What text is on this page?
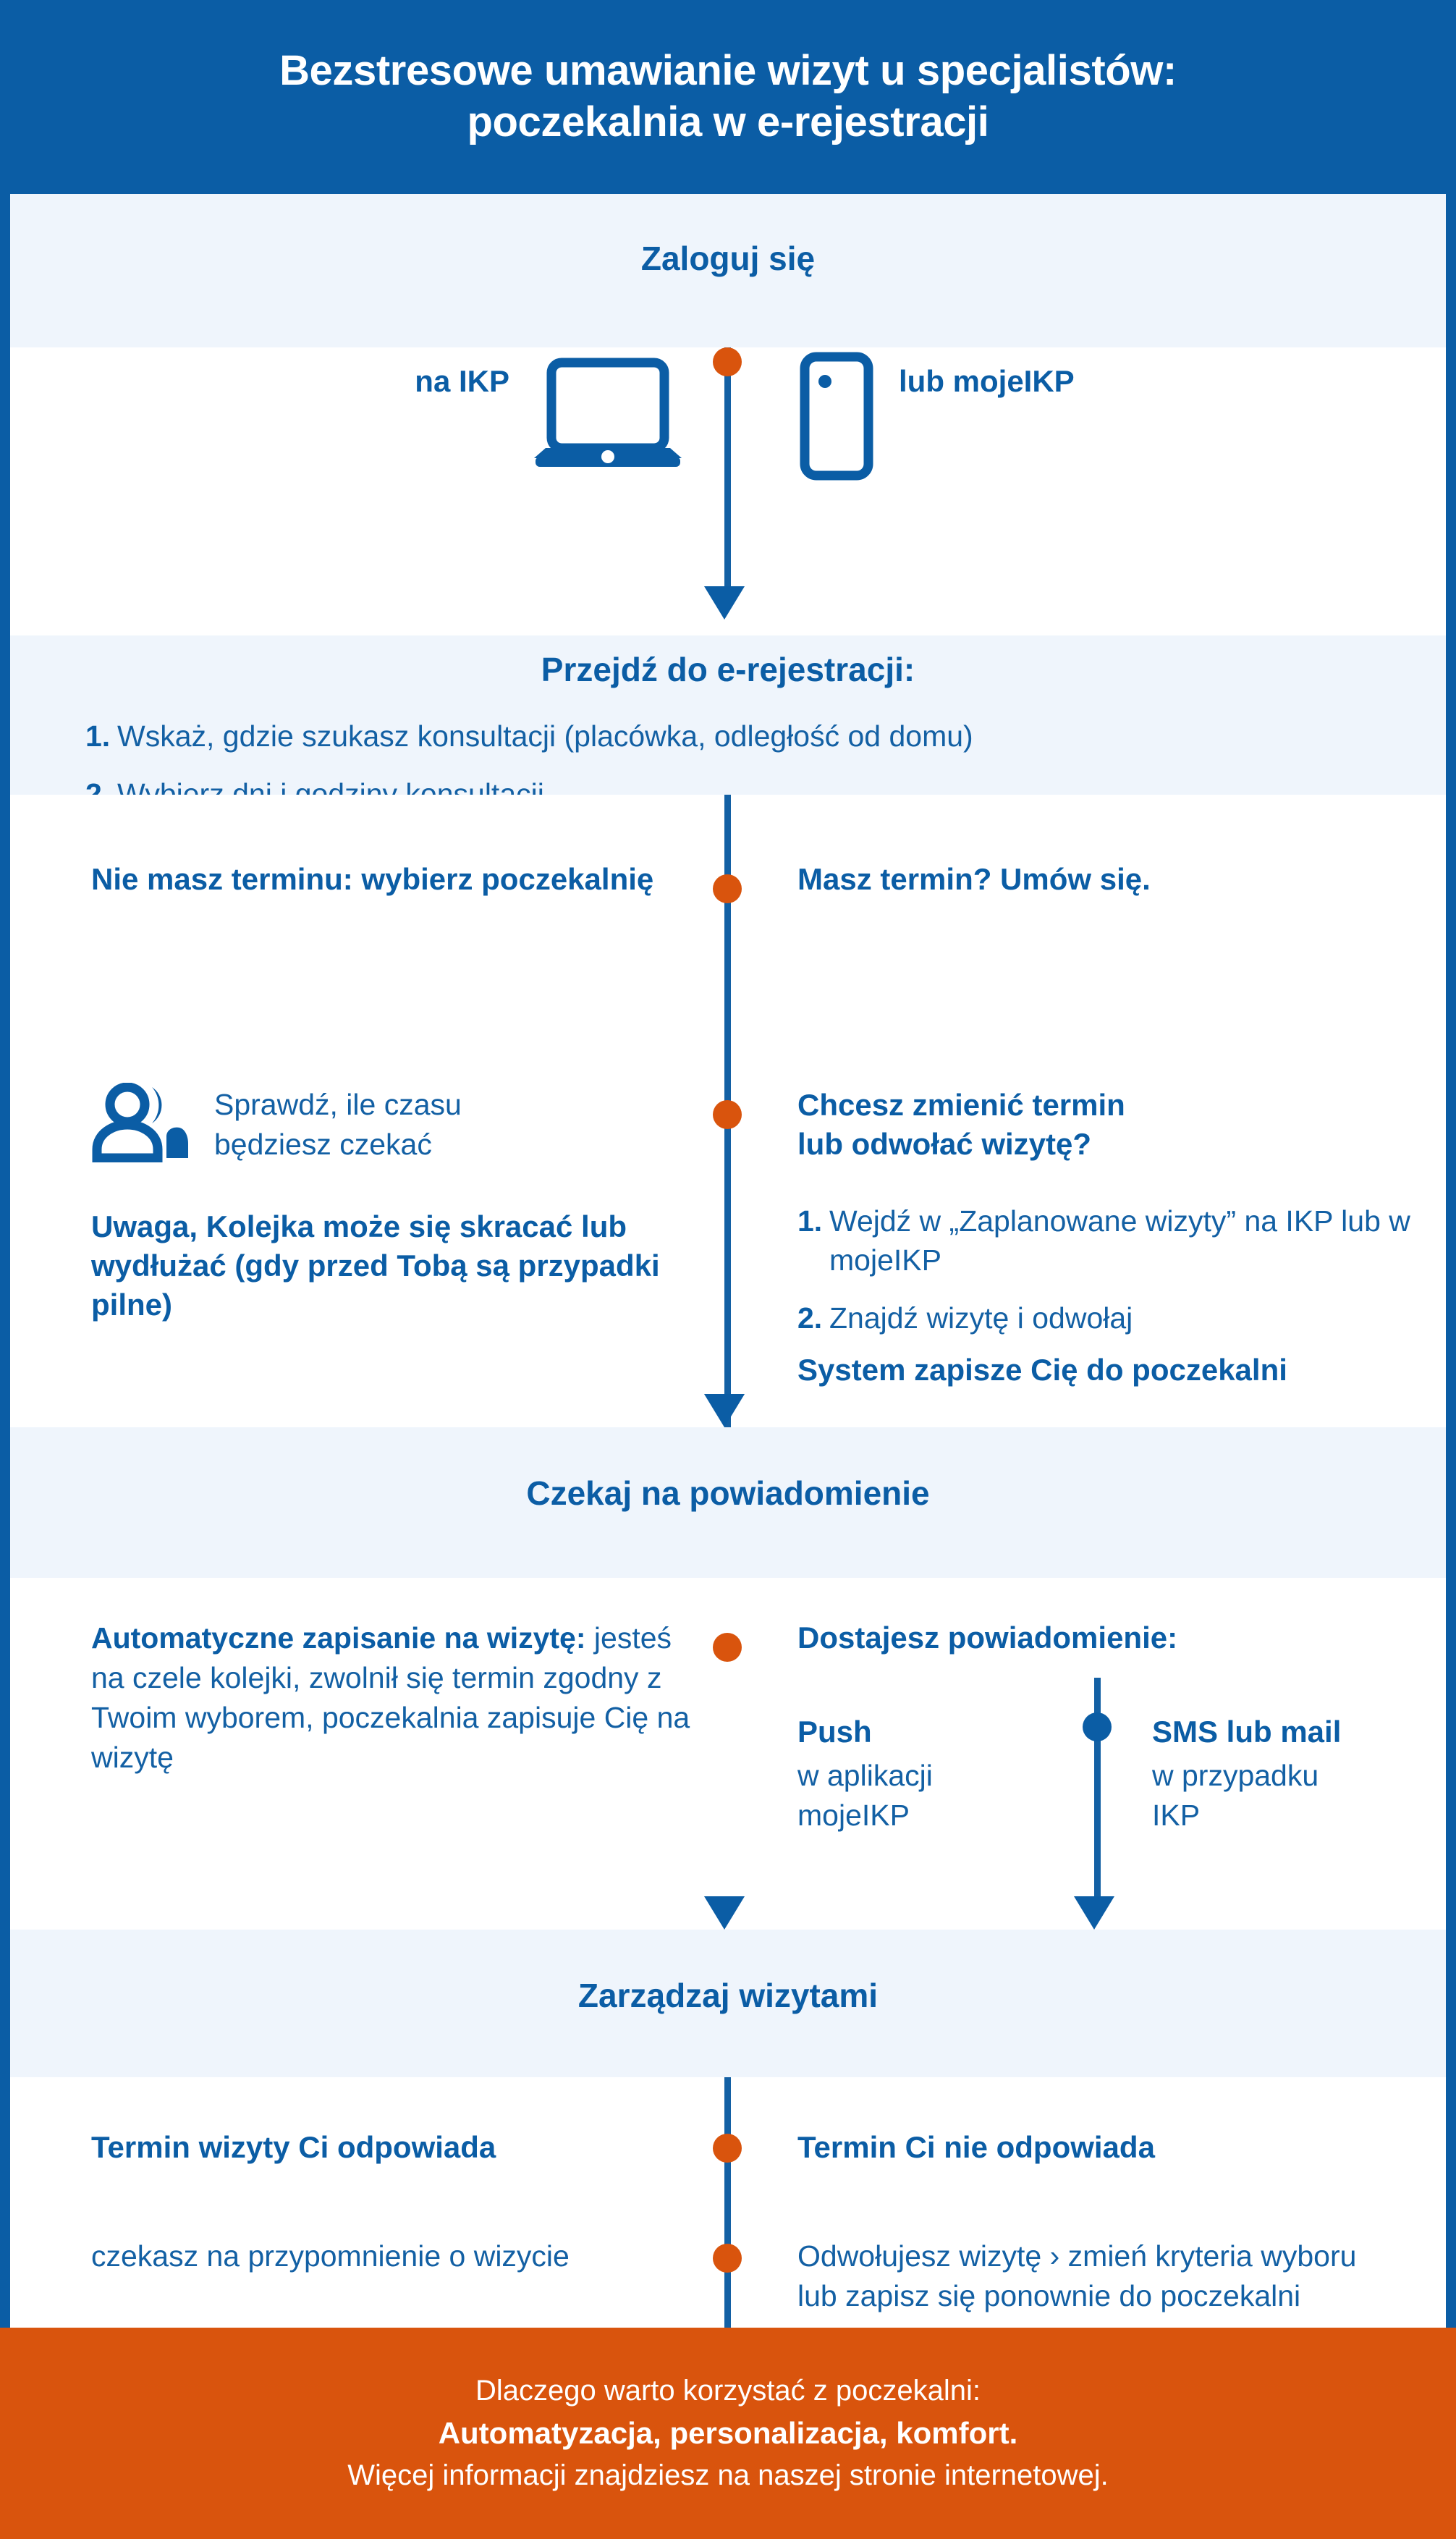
Bezstresowe umawianie wizyt u specjalistów:
poczekalnia w e-rejestracji
Zaloguj się
na IKP	lub mojeIKP
Przejdź do e-rejestracji:
1. Wskaż, gdzie szukasz konsultacji (placówka, odległość od domu)
Nie masz terminu: wybierz poczekalnię
Sprawdź, ile czasu
będziesz czekać
Uwaga, Kolejka może się skracać lub wydłużać (gdy przed Tobą są przypadki pilne)
Masz termin? Umów się.
Chcesz zmienić termin
lub odwołać wizytę?
1. Wejdź w „Zaplanowane wizyty” na IKP lub w mojeIKP
2. Znajdź wizytę i odwołaj
System zapisze Cię do poczekalni
Czekaj na powiadomienie
Automatyczne zapisanie na wizytę: jesteś na czele kolejki, zwolnił się termin zgodny z Twoim wyborem, poczekalnia zapisuje Cię na wizytę
Dostajesz powiadomienie:
Push
w aplikacji
mojeIKP
SMS lub mail
w przypadku
IKP
Zarządzaj wizytami
Termin wizyty Ci odpowiada
czekasz na przypomnienie o wizycie
Termin Ci nie odpowiada
Odwołujesz wizytę › zmień kryteria wyboru lub zapisz się ponownie do poczekalni
Dlaczego warto korzystać z poczekalni:
Automatyzacja, personalizacja, komfort.
Więcej informacji znajdziesz na naszej stronie internetowej.
